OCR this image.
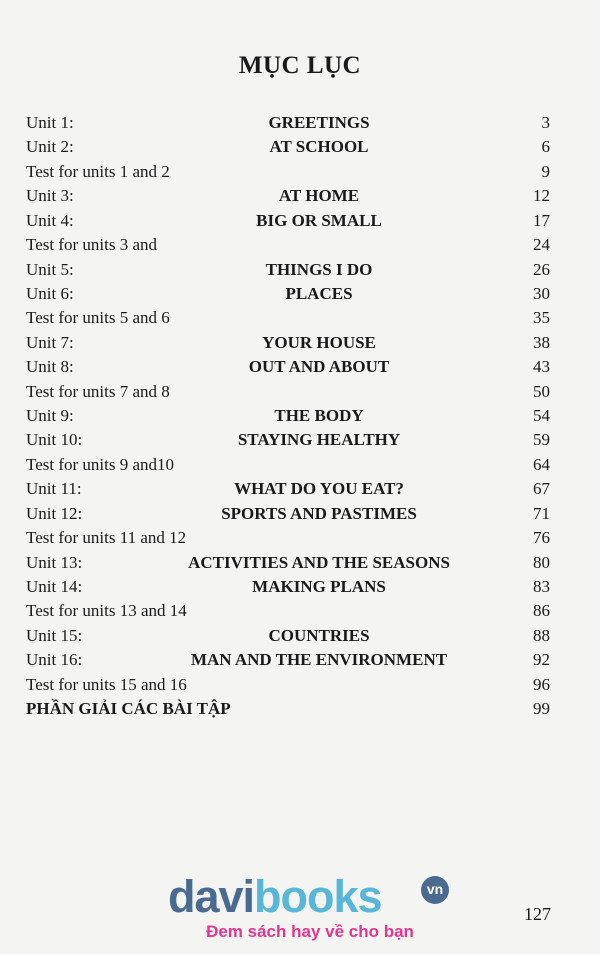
MỤC LỤC
Unit 1:	GREETINGS	3
Unit 2:	AT SCHOOL	6
Test for units 1 and 2	9
Unit 3:	AT HOME	12
Unit 4:	BIG OR SMALL	17
Test for units 3 and	24
Unit 5:	THINGS I DO	26
Unit 6:	PLACES	30
Test for units 5 and 6	35
Unit 7:	YOUR HOUSE	38
Unit 8:	OUT AND ABOUT	43
Test for units 7 and 8	50
Unit 9:	THE BODY	54
Unit 10:	STAYING HEALTHY	59
Test for units 9 and10	64
Unit 11:	WHAT DO YOU EAT?	67
Unit 12:	SPORTS AND PASTIMES	71
Test for units 11 and 12	76
Unit 13:	ACTIVITIES AND THE SEASONS	80
Unit 14:	MAKING PLANS	83
Test for units 13 and 14	86
Unit 15:	COUNTRIES	88
Unit 16:	MAN AND THE ENVIRONMENT	92
Test for units 15 and 16	96
PHẦN GIẢI CÁC BÀI TẬP	99
davibooks	vn
Đem sách hay về cho bạn
127
